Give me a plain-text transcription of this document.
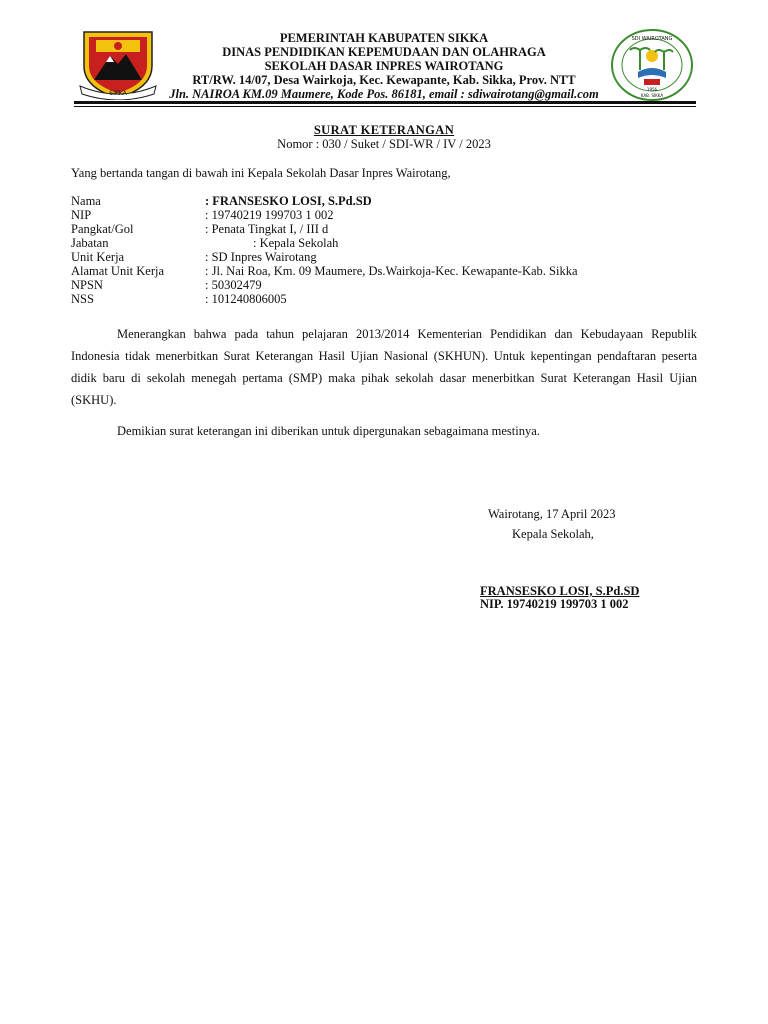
SIKKA
PEMERINTAH KABUPATEN SIKKA
DINAS PENDIDIKAN KEPEMUDAAN DAN OLAHRAGA
SEKOLAH DASAR INPRES WAIROTANG
RT/RW. 14/07, Desa Wairkoja, Kec. Kewapante, Kab. Sikka, Prov. NTT
Jln. NAIROA KM.09 Maumere, Kode Pos. 86181, email : sdiwairotang@gmail.com
SDI WAIROTANG
1956
KAB. SIKKA
SURAT KETERANGAN
Nomor : 030 / Suket / SDI-WR / IV / 2023
Yang bertanda tangan di bawah ini Kepala Sekolah Dasar Inpres Wairotang,
Nama	: FRANSESKO LOSI, S.Pd.SD
NIP	: 19740219 199703 1 002
Pangkat/Gol	: Penata Tingkat I, / III d
Jabatan	: Kepala Sekolah
Unit Kerja	: SD Inpres Wairotang
Alamat Unit Kerja	: Jl. Nai Roa, Km. 09 Maumere, Ds.Wairkoja-Kec. Kewapante-Kab. Sikka
NPSN	: 50302479
NSS	: 101240806005
Menerangkan bahwa pada tahun pelajaran 2013/2014 Kementerian Pendidikan dan Kebudayaan Republik Indonesia tidak menerbitkan Surat Keterangan Hasil Ujian Nasional (SKHUN). Untuk kepentingan pendaftaran peserta didik baru di sekolah menegah pertama (SMP) maka pihak sekolah dasar menerbitkan Surat Keterangan Hasil Ujian (SKHU).
Demikian surat keterangan ini diberikan untuk dipergunakan sebagaimana mestinya.
Wairotang, 17 April 2023
Kepala Sekolah,
FRANSESKO LOSI, S.Pd.SD
NIP. 19740219 199703 1 002
